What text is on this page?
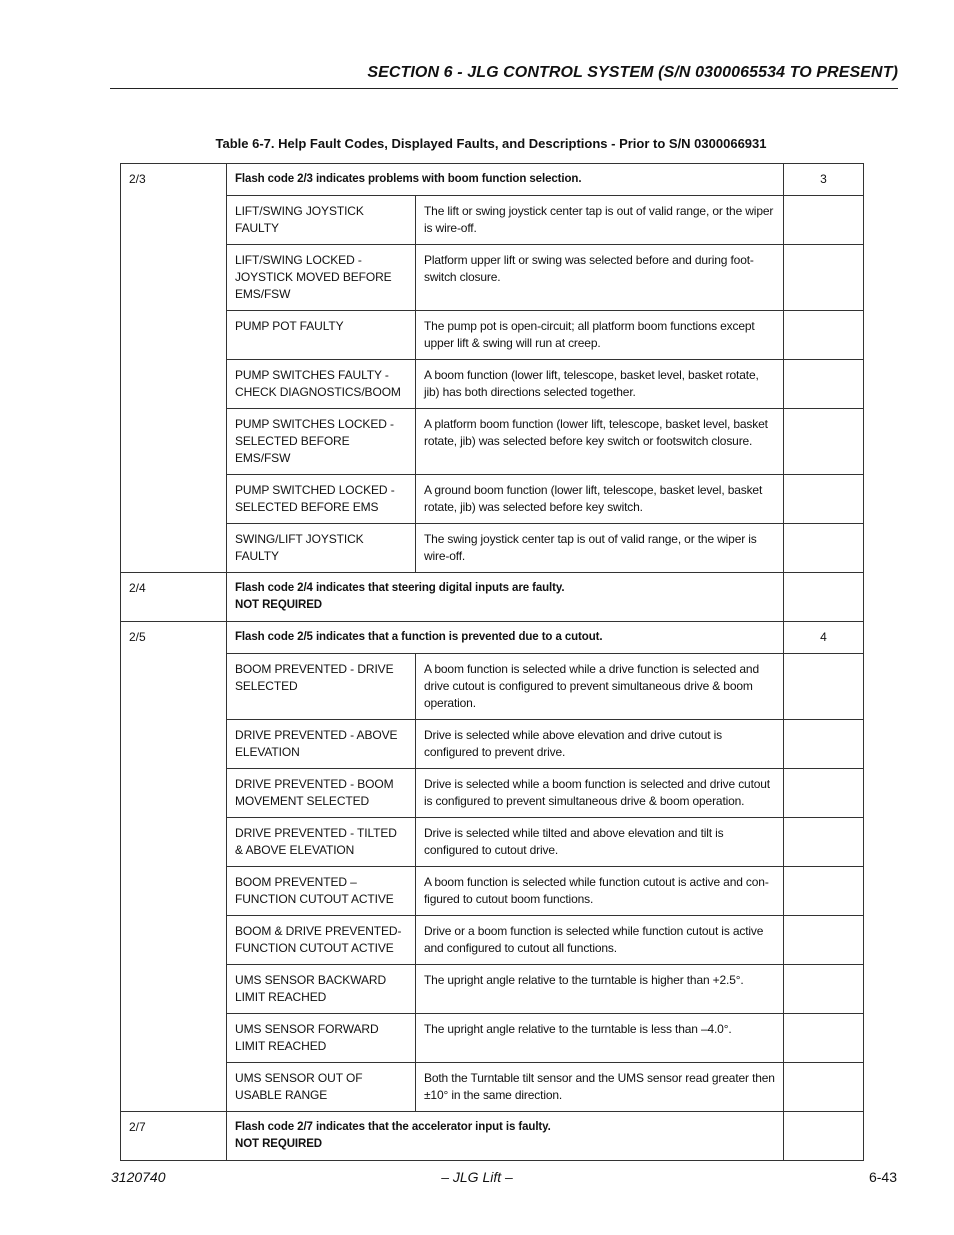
SECTION 6 - JLG CONTROL SYSTEM (S/N 0300065534 TO PRESENT)
Table 6-7. Help Fault Codes, Displayed Faults, and Descriptions - Prior to S/N 0300066931
2/3	Flash code 2/3 indicates problems with boom function selection.		3
	LIFT/SWING JOYSTICK FAULTY	The lift or swing joystick center tap is out of valid range, or the wiper is wire-off.	
	LIFT/SWING LOCKED - JOYSTICK MOVED BEFORE EMS/FSW	Platform upper lift or swing was selected before and during foot-switch closure.	
	PUMP POT FAULTY	The pump pot is open-circuit; all platform boom functions except upper lift & swing will run at creep.	
	PUMP SWITCHES FAULTY - CHECK DIAGNOSTICS/BOOM	A boom function (lower lift, telescope, basket level, basket rotate, jib) has both directions selected together.	
	PUMP SWITCHES LOCKED - SELECTED BEFORE EMS/FSW	A platform boom function (lower lift, telescope, basket level, basket rotate, jib) was selected before key switch or footswitch closure.	
	PUMP SWITCHED LOCKED - SELECTED BEFORE EMS	A ground boom function (lower lift, telescope, basket level, basket rotate, jib) was selected before key switch.	
	SWING/LIFT JOYSTICK FAULTY	The swing joystick center tap is out of valid range, or the wiper is wire-off.	
2/4	Flash code 2/4 indicates that steering digital inputs are faulty.
NOT REQUIRED		

2/5	Flash code 2/5 indicates that a function is prevented due to a cutout.		4
	BOOM PREVENTED - DRIVE SELECTED	A boom function is selected while a drive function is selected and drive cutout is configured to prevent simultaneous drive & boom operation.	
	DRIVE PREVENTED - ABOVE ELEVATION	Drive is selected while above elevation and drive cutout is configured to prevent drive.	
	DRIVE PREVENTED - BOOM MOVEMENT SELECTED	Drive is selected while a boom function is selected and drive cutout is configured to prevent simultaneous drive & boom operation.	
	DRIVE PREVENTED - TILTED & ABOVE ELEVATION	Drive is selected while tilted and above elevation and tilt is configured to cutout drive.	
	BOOM PREVENTED – FUNCTION CUTOUT ACTIVE	A boom function is selected while function cutout is active and con-figured to cutout boom functions.	
	BOOM & DRIVE PREVENTED-FUNCTION CUTOUT ACTIVE	Drive or a boom function is selected while function cutout is active and configured to cutout all functions.	
	UMS SENSOR BACKWARD LIMIT REACHED	The upright angle relative to the turntable is higher than +2.5°.	
	UMS SENSOR FORWARD LIMIT REACHED	The upright angle relative to the turntable is less than –4.0°.	
	UMS SENSOR OUT OF USABLE RANGE	Both the Turntable tilt sensor and the UMS sensor read greater then ±10° in the same direction.	
2/7	Flash code 2/7 indicates that the accelerator input is faulty.
NOT REQUIRED		

3120740	– JLG Lift –	6-43
